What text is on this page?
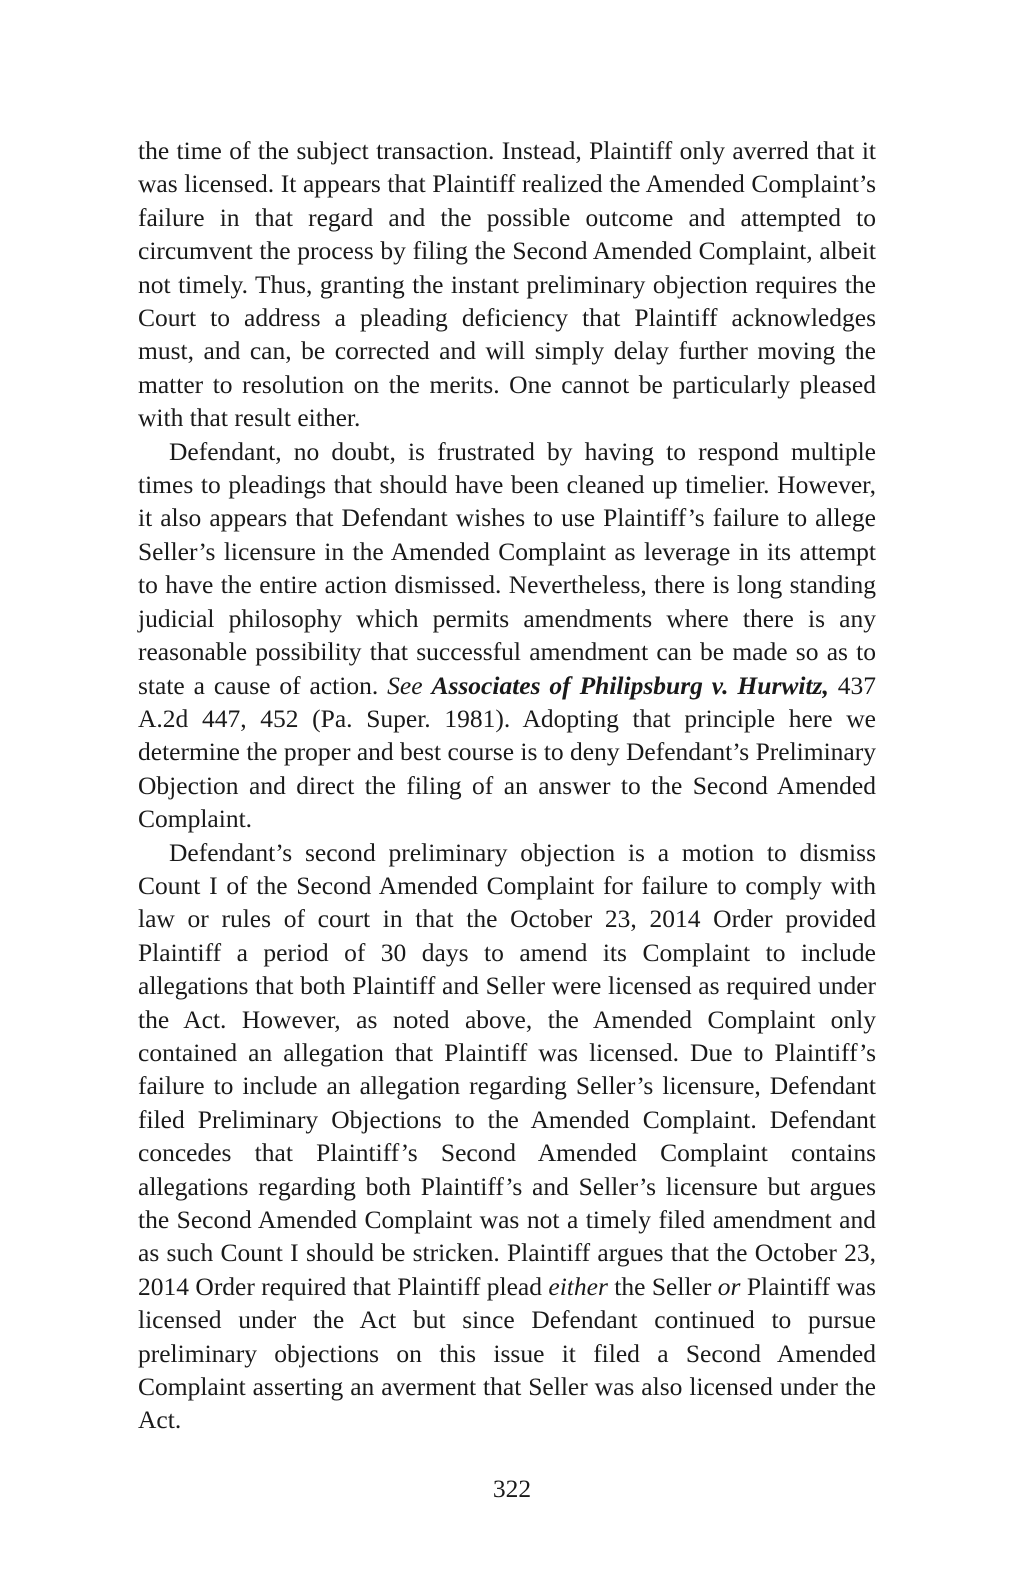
the time of the subject transaction. Instead, Plaintiff only averred that it was licensed. It appears that Plaintiff realized the Amended Complaint’s failure in that regard and the possible outcome and attempted to circumvent the process by filing the Second Amended Complaint, albeit not timely. Thus, granting the instant preliminary objection requires the Court to address a pleading deficiency that Plaintiff acknowledges must, and can, be corrected and will simply delay further moving the matter to resolution on the merits. One cannot be particularly pleased with that result either.

Defendant, no doubt, is frustrated by having to respond multiple times to pleadings that should have been cleaned up timelier. However, it also appears that Defendant wishes to use Plaintiff’s failure to allege Seller’s licensure in the Amended Complaint as leverage in its attempt to have the entire action dismissed. Nevertheless, there is long standing judicial philosophy which permits amendments where there is any reasonable possibility that successful amendment can be made so as to state a cause of action. See Associates of Philipsburg v. Hurwitz, 437 A.2d 447, 452 (Pa. Super. 1981). Adopting that principle here we determine the proper and best course is to deny Defendant’s Preliminary Objection and direct the filing of an answer to the Second Amended Complaint.

Defendant’s second preliminary objection is a motion to dismiss Count I of the Second Amended Complaint for failure to comply with law or rules of court in that the October 23, 2014 Order provided Plaintiff a period of 30 days to amend its Complaint to include allegations that both Plaintiff and Seller were licensed as required under the Act. However, as noted above, the Amended Complaint only contained an allegation that Plaintiff was licensed. Due to Plaintiff’s failure to include an allegation regarding Seller’s licensure, Defendant filed Preliminary Objections to the Amended Complaint. Defendant concedes that Plaintiff’s Second Amended Complaint contains allegations regarding both Plaintiff’s and Seller’s licensure but argues the Second Amended Complaint was not a timely filed amendment and as such Count I should be stricken. Plaintiff argues that the October 23, 2014 Order required that Plaintiff plead either the Seller or Plaintiff was licensed under the Act but since Defendant continued to pursue preliminary objections on this issue it filed a Second Amended Complaint asserting an averment that Seller was also licensed under the Act.

322
